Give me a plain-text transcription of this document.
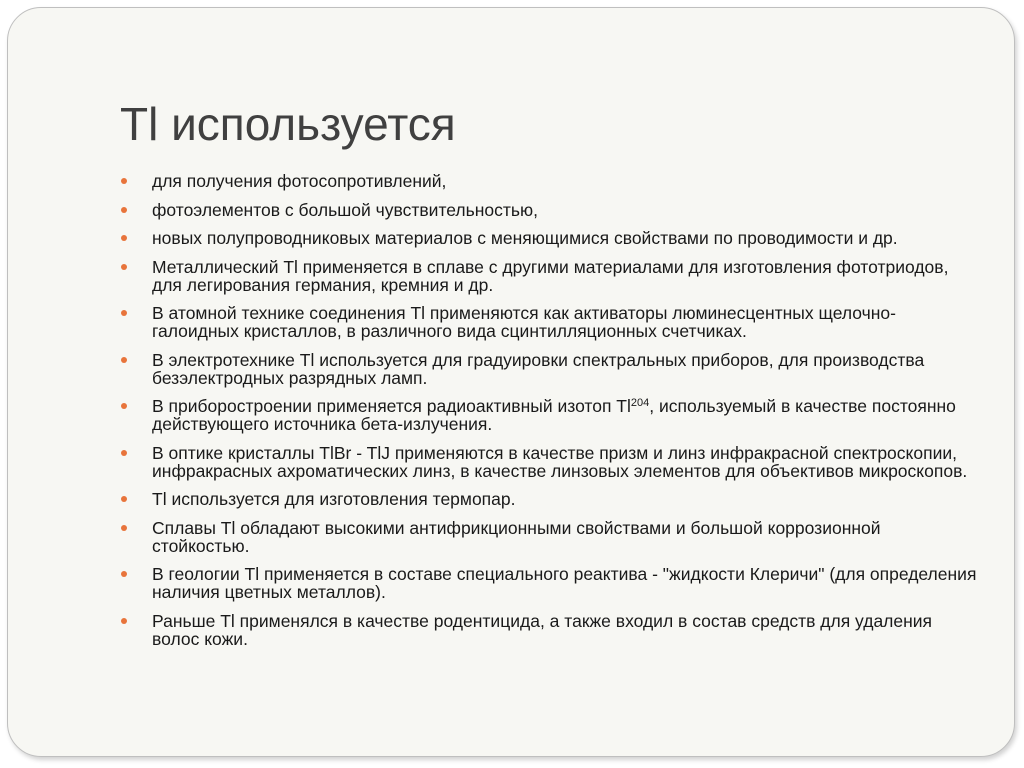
Tl используется
для получения фотосопротивлений,
фотоэлементов с большой чувствительностью,
новых полупроводниковых материалов с меняющимися свойствами по проводимости и др.
Металлический Tl применяется в сплаве с другими материалами для изготовления фототриодов, для легирования германия, кремния и др.
В атомной технике соединения Tl применяются как активаторы люминесцентных щелочно-галоидных кристаллов, в различного вида сцинтилляционных счетчиках.
В электротехнике Tl используется для градуировки спектральных приборов, для производства безэлектродных разрядных ламп.
В приборостроении применяется радиоактивный изотоп Tl$^{204}$, используемый в качестве постоянно действующего источника бета-излучения.
В оптике кристаллы TlBr - TlJ применяются в качестве призм и линз инфракрасной спектроскопии, инфракрасных ахроматических линз, в качестве линзовых элементов для объективов микроскопов.
Tl используется для изготовления термопар.
Сплавы Tl обладают высокими антифрикционными свойствами и большой коррозионной стойкостью.
В геологии Tl применяется в составе специального реактива - "жидкости Клеричи" (для определения наличия цветных металлов).
Раньше Tl применялся в качестве родентицида, а также входил в состав средств для удаления волос кожи.
